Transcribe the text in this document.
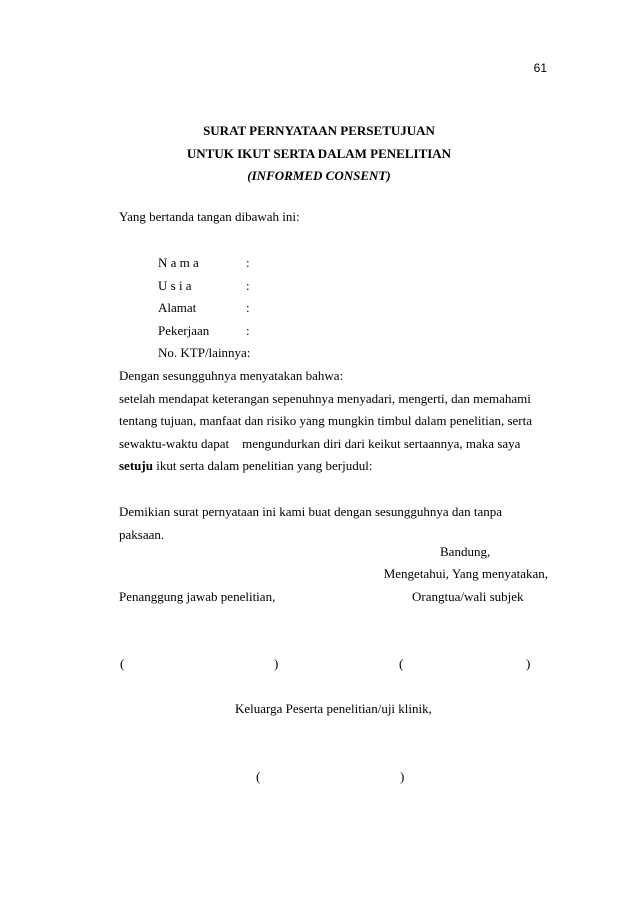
61
SURAT PERNYATAAN PERSETUJUAN
UNTUK IKUT SERTA DALAM PENELITIAN
(INFORMED CONSENT)
Yang bertanda tangan dibawah ini:
N a m a	:
U s i a	:
Alamat	:
Pekerjaan	:
No. KTP/lainnya:
Dengan sesungguhnya menyatakan bahwa:
setelah mendapat keterangan sepenuhnya menyadari, mengerti, dan memahami
tentang tujuan, manfaat dan risiko yang mungkin timbul dalam penelitian, serta
sewaktu-waktu dapat    mengundurkan diri dari keikut sertaannya, maka saya
setuju ikut serta dalam penelitian yang berjudul:
Demikian surat pernyataan ini kami buat dengan sesungguhnya dan tanpa
paksaan.
Bandung,
Mengetahui, Yang menyatakan,
Penanggung jawab penelitian,	Orangtua/wali subjek
(	)	(	)
Keluarga Peserta penelitian/uji klinik,
(	)
